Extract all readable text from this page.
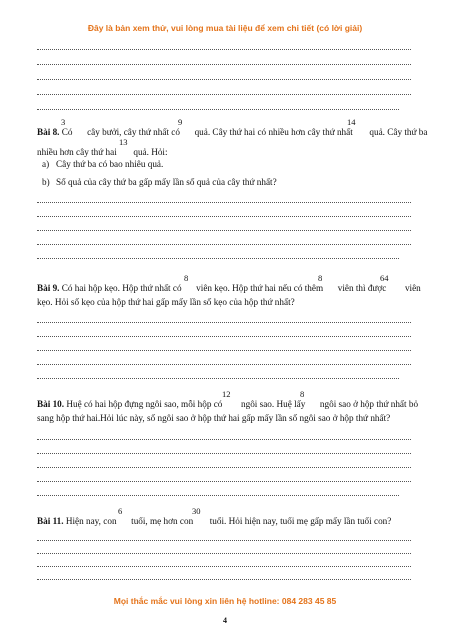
Đây là bản xem thử, vui lòng mua tài liệu để xem chi tiết (có lời giải)
3	9	14
Bài 8. Có cây bưởi, cây thứ nhất có quả. Cây thứ hai có nhiều hơn cây thứ nhất quả. Cây thứ ba
13
nhiều hơn cây thứ hai quả. Hỏi:
a) Cây thứ ba có bao nhiêu quả.
b) Số quả của cây thứ ba gấp mấy lần số quả của cây thứ nhất?
8	8	64
Bài 9. Có hai hộp kẹo. Hộp thứ nhất có viên kẹo. Hộp thứ hai nếu có thêm viên thì được viên
kẹo. Hỏi số kẹo của hộp thứ hai gấp mấy lần số kẹo của hộp thứ nhất?
12	8
Bài 10. Huệ có hai hộp đựng ngôi sao, mỗi hộp có ngôi sao. Huệ lấy ngôi sao ở hộp thứ nhất bỏ
sang hộp thứ hai.Hỏi lúc này, số ngôi sao ở hộp thứ hai gấp mấy lần số ngôi sao ở hộp thứ nhất?
6	30
Bài 11. Hiện nay, con tuổi, mẹ hơn con tuổi. Hỏi hiện nay, tuổi mẹ gấp mấy lần tuổi con?
Mọi thắc mắc vui lòng xin liên hệ hotline: 084 283 45 85
4
